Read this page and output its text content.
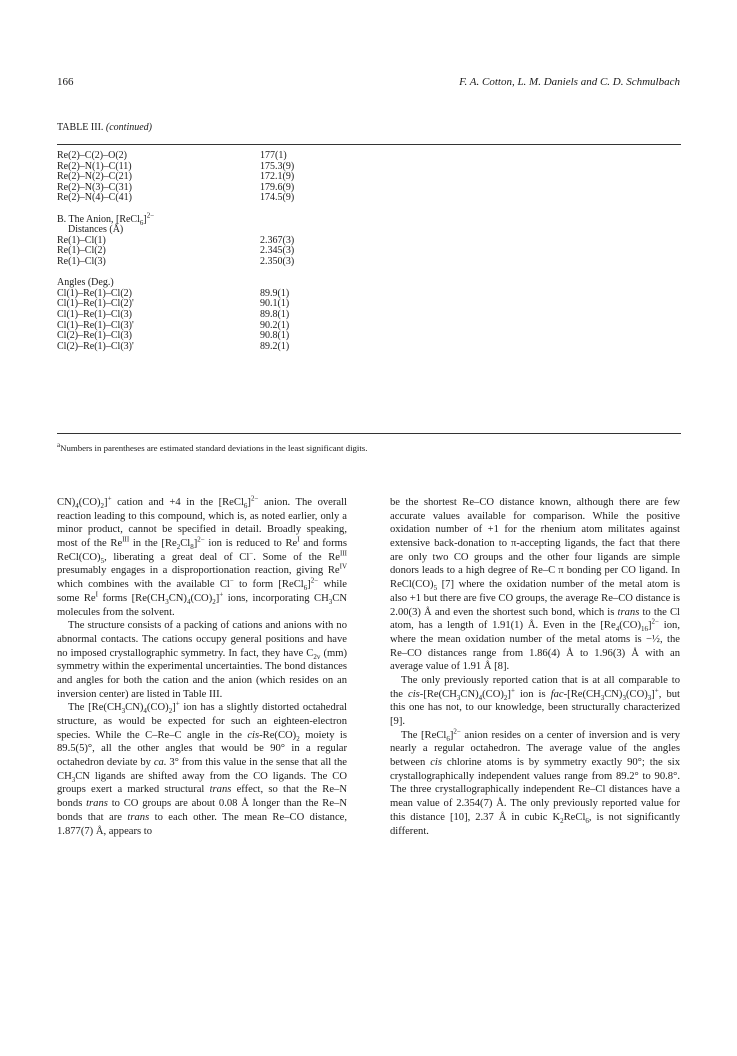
166	F. A. Cotton, L. M. Daniels and C. D. Schmulbach
TABLE III. (continued)
Re(2)–C(2)–O(2)	177(1)
Re(2)–N(1)–C(11)	175.3(9)
Re(2)–N(2)–C(21)	172.1(9)
Re(2)–N(3)–C(31)	179.6(9)
Re(2)–N(4)–C(41)	174.5(9)
B. The Anion, [ReCl$_6$]$^{2-}$
Distances (Å)
Re(1)–Cl(1)	2.367(3)
Re(1)–Cl(2)	2.345(3)
Re(1)–Cl(3)	2.350(3)
Angles (Deg.)
Cl(1)–Re(1)–Cl(2)	89.9(1)
Cl(1)–Re(1)–Cl(2)'	90.1(1)
Cl(1)–Re(1)–Cl(3)	89.8(1)
Cl(1)–Re(1)–Cl(3)'	90.2(1)
Cl(2)–Re(1)–Cl(3)	90.8(1)
Cl(2)–Re(1)–Cl(3)'	89.2(1)
$^a$Numbers in parentheses are estimated standard deviations in the least significant digits.

$CN)_4(CO)_2]^+$ cation and +4 in the [ReCl$_6$]$^{2-}$ anion. The overall reaction leading to this compound, which is, as noted earlier, only a minor product, cannot be specified in detail. Broadly speaking, most of the $Re^{III}$ in the $[Re_2Cl_8]^{2-}$ ion is reduced to $Re^I$ and forms $ReCl(CO)_5$, liberating a great deal of Cl−. Some of the $Re^{III}$ presumably engages in a disproportionation reaction, giving $Re^{IV}$ which combines with the available Cl− to form [ReCl$_6$]$^{2-}$ while some $Re^I$ forms $[Re(CH_3CN)_4(CO)_2]^+$ ions, incorporating $CH_3CN$ molecules from the solvent.

The structure consists of a packing of cations and anions with no abnormal contacts. The cations occupy general positions and have no imposed crystallographic symmetry. In fact, they have $C_{2v}$ (mm) symmetry within the experimental uncertainties. The bond distances and angles for both the cation and the anion (which resides on an inversion center) are listed in Table III.

The $[Re(CH_3CN)_4(CO)_2]^+$ ion has a slightly distorted octahedral structure, as would be expected for such an eighteen-electron species. While the C–Re–C angle in the cis-$Re(CO)_2$ moiety is 89.5(5)°, all the other angles that would be 90° in a regular octahedron deviate by ca. 3° from this value in the sense that all the $CH_3CN$ ligands are shifted away from the CO ligands. The CO groups exert a marked structural trans effect, so that the Re–N bonds trans to CO groups are about 0.08 Å longer than the Re–N bonds that are trans to each other. The mean Re–CO distance, 1.877(7) Å, appears to

be the shortest Re–CO distance known, although there are few accurate values available for comparison. While the positive oxidation number of +1 for the rhenium atom militates against extensive back-donation to π-accepting ligands, the fact that there are only two CO groups and the other four ligands are simple donors leads to a high degree of Re–C π bonding per CO ligand. In $ReCl(CO)_5$ [7] where the oxidation number of the metal atom is also +1 but there are five CO groups, the average Re–CO distance is 2.00(3) Å and even the shortest such bond, which is trans to the Cl atom, has a length of 1.91(1) Å. Even in the $[Re_4(CO)_{16}]^{2-}$ ion, where the mean oxidation number of the metal atoms is −½, the Re–CO distances range from 1.86(4) Å to 1.96(3) Å with an average value of 1.91 Å [8].

The only previously reported cation that is at all comparable to the cis-$[Re(CH_3CN)_4(CO)_2]^+$ ion is fac-$[Re(CH_3CN)_3(CO)_3]^+$, but this one has not, to our knowledge, been structurally characterized [9].

The [ReCl$_6$]$^{2-}$ anion resides on a center of inversion and is very nearly a regular octahedron. The average value of the angles between cis chlorine atoms is by symmetry exactly 90°; the six crystallographically independent values range from 89.2° to 90.8°. The three crystallographically independent Re–Cl distances have a mean value of 2.354(7) Å. The only previously reported value for this distance [10], 2.37 Å in cubic $K_2ReCl_6$, is not significantly different.
